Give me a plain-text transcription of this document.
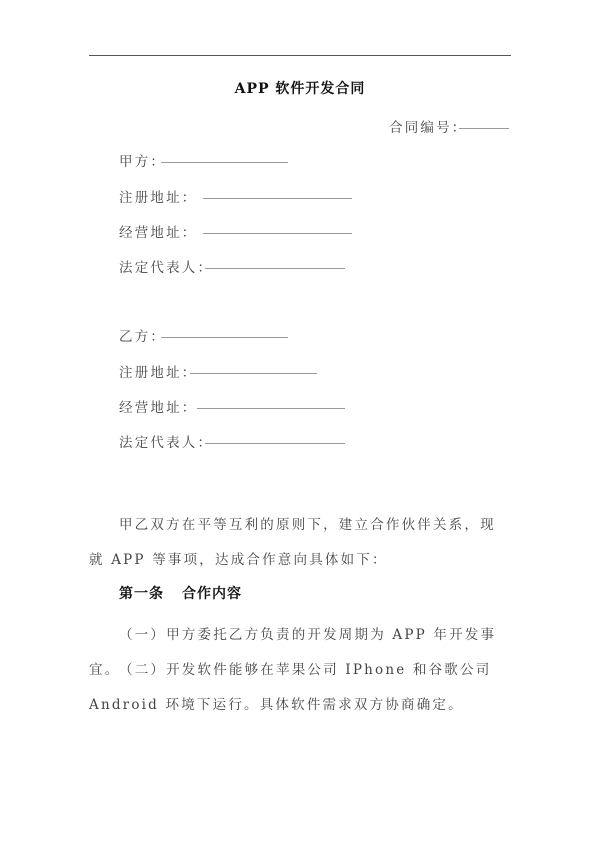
APP 软件开发合同
合同编号：
甲方：
注册地址：
经营地址：
法定代表人：
乙方：
注册地址：
经营地址：
法定代表人：
甲乙双方在平等互利的原则下，建立合作伙伴关系，现就 APP 等事项，达成合作意向具体如下：
第一条 合作内容
（一）甲方委托乙方负责的开发周期为 APP 年开发事宜。
（二）开发软件能够在苹果公司 IPhone 和谷歌公司 Android 环境下运行。具体软件需求双方协商确定。
